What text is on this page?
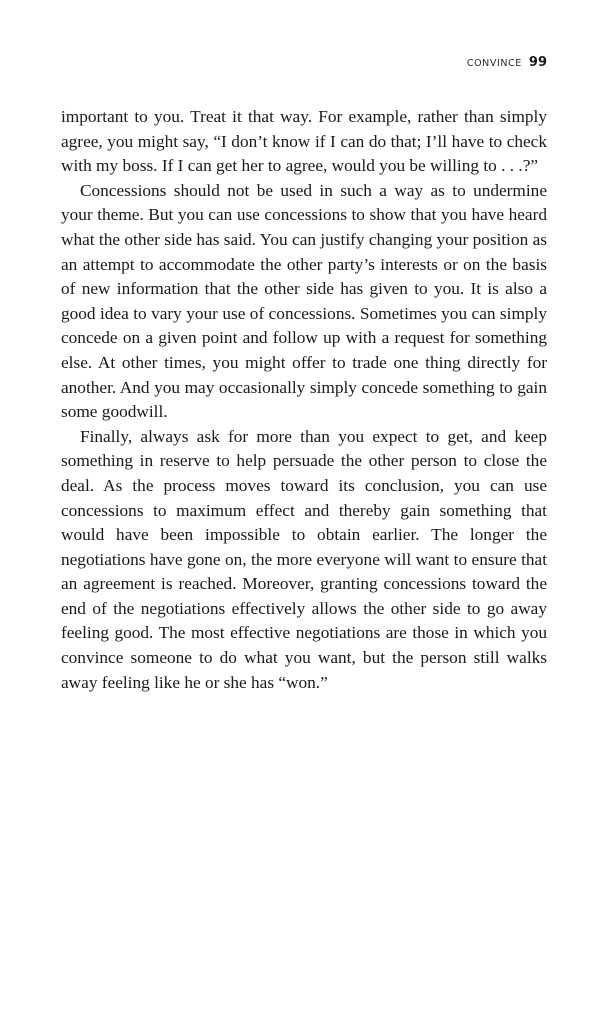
CONVINCE 99

important to you. Treat it that way. For example, rather than simply agree, you might say, “I don’t know if I can do that; I’ll have to check with my boss. If I can get her to agree, would you be willing to . . .?”

Concessions should not be used in such a way as to undermine your theme. But you can use concessions to show that you have heard what the other side has said. You can justify changing your position as an attempt to accommodate the other party’s interests or on the basis of new information that the other side has given to you. It is also a good idea to vary your use of concessions. Sometimes you can simply concede on a given point and follow up with a request for something else. At other times, you might offer to trade one thing directly for another. And you may occasionally simply concede something to gain some goodwill.

Finally, always ask for more than you expect to get, and keep something in reserve to help persuade the other person to close the deal. As the process moves toward its conclusion, you can use concessions to maximum effect and thereby gain something that would have been impossible to obtain earlier. The longer the negotiations have gone on, the more everyone will want to ensure that an agreement is reached. Moreover, granting concessions toward the end of the negotiations effectively allows the other side to go away feeling good. The most effective negotiations are those in which you convince someone to do what you want, but the person still walks away feeling like he or she has “won.”
